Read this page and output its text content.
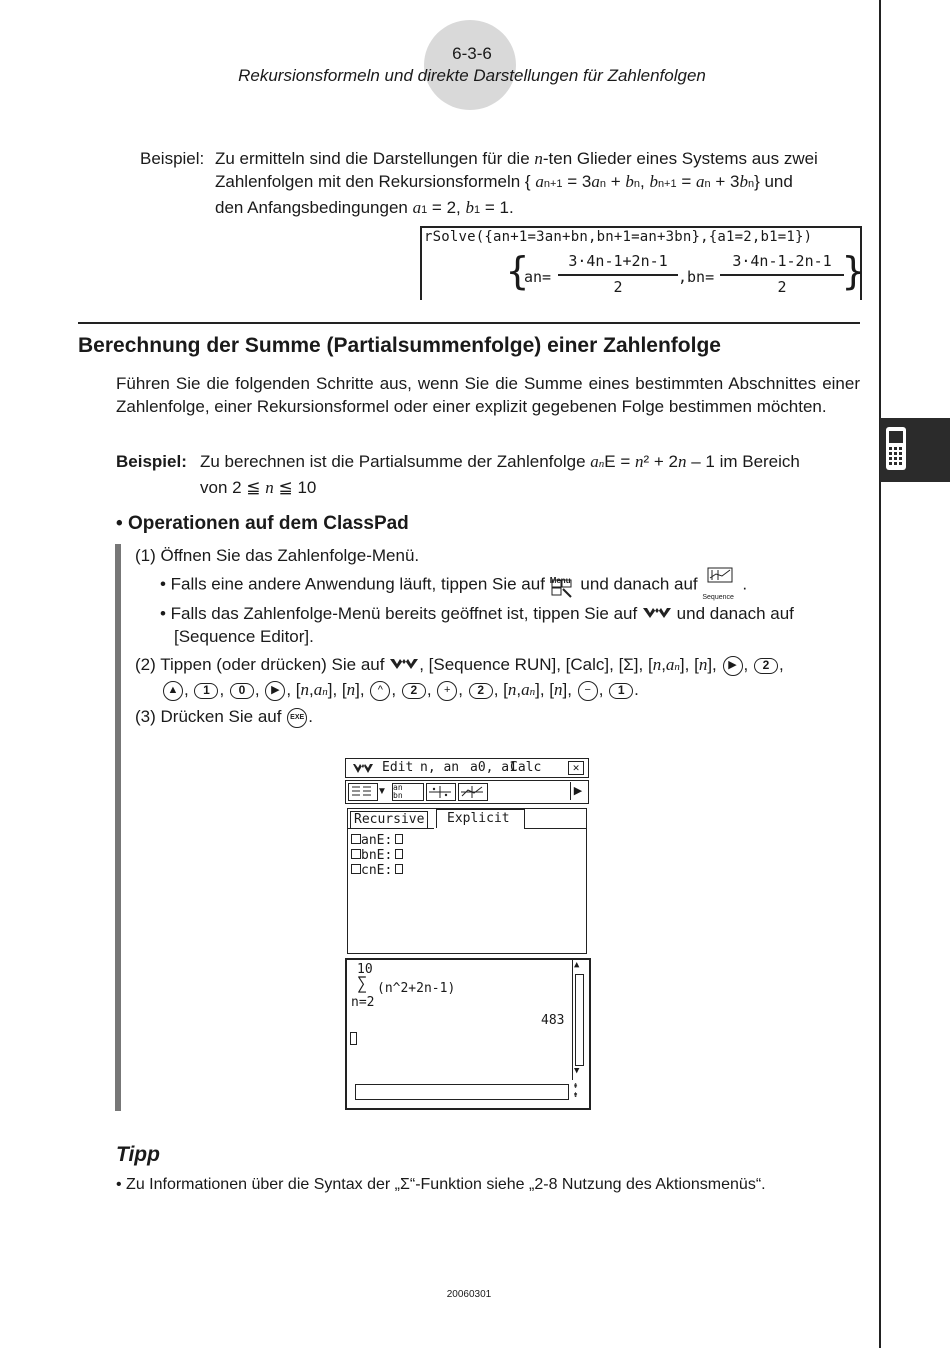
6-3-6
Rekursionsformeln und direkte Darstellungen für Zahlenfolgen
Beispiel: Zu ermitteln sind die Darstellungen für die n-ten Glieder eines Systems aus zwei
Zahlenfolgen mit den Rekursionsformeln { an+1 = 3an + bn, bn+1 = an + 3bn} und
den Anfangsbedingungen a1 = 2, b1 = 1.
rSolve({an+1=3an+bn,bn+1=an+3bn},{a1=2,b1=1})
{
an=
3·4n-1+2n-1
2
,bn=
3·4n-1-2n-1
2	}
Berechnung der Summe (Partialsummenfolge) einer Zahlenfolge
Führen Sie die folgenden Schritte aus, wenn Sie die Summe eines bestimmten Abschnittes einer Zahlenfolge, einer Rekursionsformel oder einer explizit gegebenen Folge bestimmen möchten.
Beispiel: Zu berechnen ist die Partialsumme der Zahlenfolge anE = n² + 2n – 1 im Bereich
von 2 ≦ n ≦ 10
• Operationen auf dem ClassPad
(1) Öffnen Sie das Zahlenfolge-Menü.
• Falls eine andere Anwendung läuft, tippen Sie auf Menu und danach auf
Sequence
.
• Falls das Zahlenfolge-Menü bereits geöffnet ist, tippen Sie auf und danach auf
[Sequence Editor].
(2) Tippen (oder drücken) Sie auf , [Sequence RUN], [Calc], [Σ], [n,an], [n], ▶ , 2 ,
▲ , 1 , 0 , ▶ , [n,an], [n], ^ , 2 , + , 2 , [n,an], [n], − , 1 .
(3) Drücken Sie auf EXE .
Edit n, an a0, a1
Calc	✕
▼ an
bn	▶
Recursive	Explicit
anE:
bnE:
cnE:
10
∑ (n^2+2n-1)
n=2
483
▲
▼
⇞
⇟
Tipp
• Zu Informationen über die Syntax der „Σ“-Funktion siehe „2-8 Nutzung des Aktionsmenüs“.
20060301
